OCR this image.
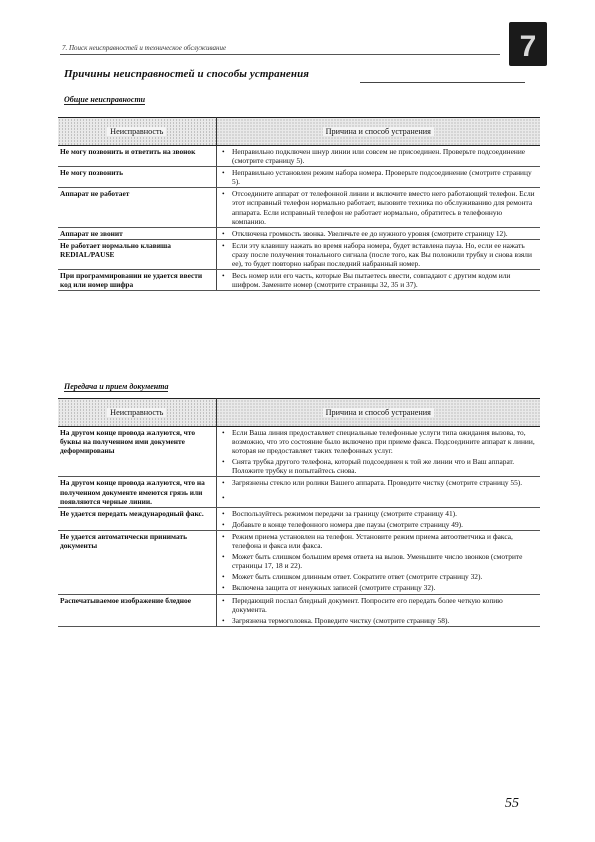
7. Поиск неисправностей и техническое обслуживание	7
Причины неисправностей и способы устранения
Общие неисправности
Неисправность	Причина и способ устранения	
Не могу позвонить и ответить на звонок	•	Неправильно подключен шнур линии или совсем не присоединен. Проверьте подсоединение (смотрите страницу 5).
Не могу позвонить	•	Неправильно установлен режим набора номера. Проверьте подсоединение (смотрите страницу 5).
Аппарат не работает	•	Отсоедините аппарат от телефонной линии и включите вместо него работающий телефон. Если этот исправный телефон нормально работает, вызовите техника по обслуживанию для ремонта аппарата. Если исправный телефон не работает нормально, обратитесь в телефонную компанию.
Аппарат не звонит	•	Отключена громкость звонка. Увеличьте ее до нужного уровня (смотрите страницу 12).
Не работает нормально клавиша REDIAL/PAUSE	•	Если эту клавишу нажать во время набора номера, будет вставлена пауза. Но, если ее нажать сразу после получения тонального сигнала (после того, как Вы положили трубку и снова взяли ее), то будет повторно набран последний набранный номер.
При программировании не удается ввести код или номер шифра	•	Весь номер или его часть, которые Вы пытаетесь ввести, совпадают с другим кодом или шифром. Замените номер (смотрите страницы 32, 35 и 37).
Передача и прием документа
Неисправность	Причина и способ устранения	
На другом конце провода жалуются, что буквы на полученном ими документе деформированы	•	Если Ваша линия предоставляет специальные телефонные услуги типа ожидания вызова, то, возможно, что это состояние было включено при приеме факса. Подсоедините аппарат к линии, которая не предоставляет таких телефонных услуг.
	•	Снята трубка другого телефона, который подсоединен к той же линии что и Ваш аппарат. Положите трубку и попытайтесь снова.
На другом конце провода жалуются, что на полученном документе имеются грязь или появляются черные линии.	•	Загрязнены стекло или ролики Вашего аппарата. Проведите чистку (смотрите страницу 55).
	•	
Не удается передать международный факс.	•	Воспользуйтесь режимом передачи за границу (смотрите страницу 41).
	•	Добавьте в конце телефонного номера две паузы (смотрите страницу 49).
Не удается автоматически принимать документы	•	Режим приема установлен на телефон. Установите режим приема автоответчика и факса, телефона и факса или факса.
	•	Может быть слишком большим время ответа на вызов. Уменьшите число звонков (смотрите страницы 17, 18 и 22).
	•	Может быть слишком длинным ответ. Сократите ответ (смотрите страницу 32).
	•	Включена защита от ненужных записей (смотрите страницу 32).
Распечатываемое изображение бледное	•	Передающий послал бледный документ. Попросите его передать более четкую копию документа.
	•	Загрязнена термоголовка. Проведите чистку (смотрите страницу 58).
55
